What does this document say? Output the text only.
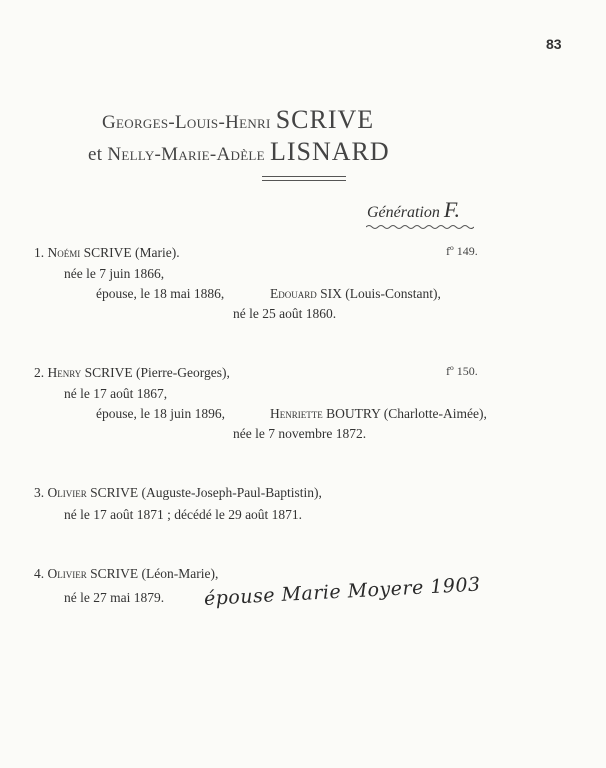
83
Georges-Louis-Henri SCRIVE
et Nelly-Marie-Adèle LISNARD
Génération F.
1. Noémi SCRIVE (Marie).	fº 149.
née le 7 juin 1866,
épouse, le 18 mai 1886,	Edouard SIX (Louis-Constant),
né le 25 août 1860.
2. Henry SCRIVE (Pierre-Georges),	fº 150.
né le 17 août 1867,
épouse, le 18 juin 1896,	Henriette BOUTRY (Charlotte-Aimée),
née le 7 novembre 1872.
3. Olivier SCRIVE (Auguste-Joseph-Paul-Baptistin),
né le 17 août 1871 ; décédé le 29 août 1871.
4. Olivier SCRIVE (Léon-Marie),
né le 27 mai 1879. épouse Marie Moyere 1903
